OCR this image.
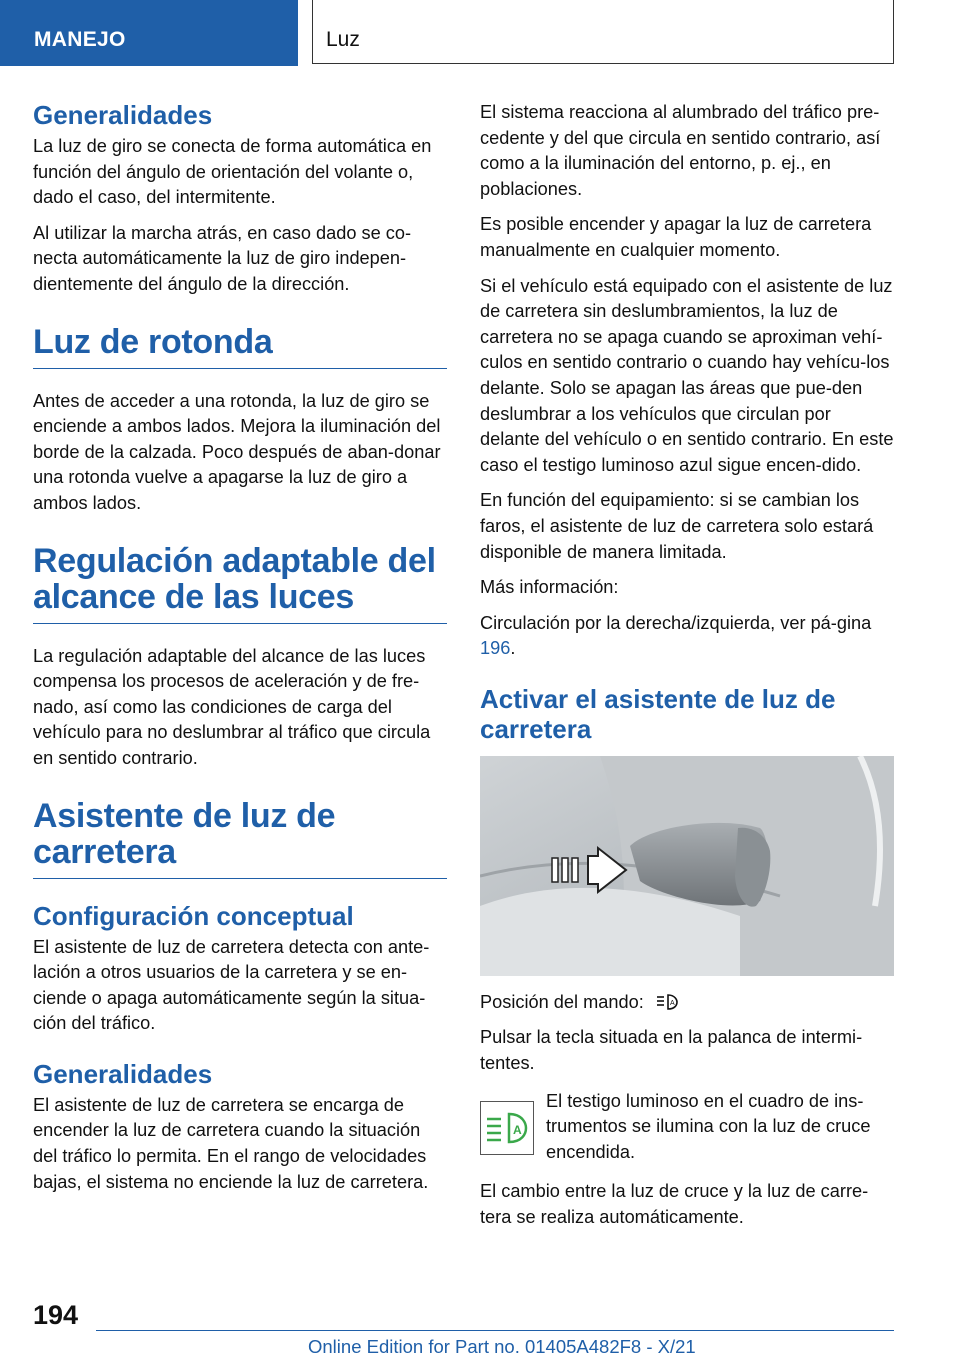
MANEJO	Luz
Generalidades

La luz de giro se conecta de forma automática en función del ángulo de orientación del volante o, dado el caso, del intermitente.

Al utilizar la marcha atrás, en caso dado se co‐necta automáticamente la luz de giro indepen‐dientemente del ángulo de la dirección.

Luz de rotonda

Antes de acceder a una rotonda, la luz de giro se enciende a ambos lados. Mejora la iluminación del borde de la calzada. Poco después de aban‐donar una rotonda vuelve a apagarse la luz de giro a ambos lados.

Regulación adaptable del alcance de las luces

La regulación adaptable del alcance de las luces compensa los procesos de aceleración y de fre‐nado, así como las condiciones de carga del vehículo para no deslumbrar al tráfico que circula en sentido contrario.

Asistente de luz de carretera
Configuración conceptual

El asistente de luz de carretera detecta con ante‐lación a otros usuarios de la carretera y se en‐ciende o apaga automáticamente según la situa‐ción del tráfico.

Generalidades

El asistente de luz de carretera se encarga de encender la luz de carretera cuando la situación del tráfico lo permita. En el rango de velocidades bajas, el sistema no enciende la luz de carretera.

El sistema reacciona al alumbrado del tráfico pre‐cedente y del que circula en sentido contrario, así como a la iluminación del entorno, p. ej., en poblaciones.

Es posible encender y apagar la luz de carretera manualmente en cualquier momento.

Si el vehículo está equipado con el asistente de luz de carretera sin deslumbramientos, la luz de carretera no se apaga cuando se aproximan vehí‐culos en sentido contrario o cuando hay vehícu‐los delante. Solo se apagan las áreas que pue‐den deslumbrar a los vehículos que circulan por delante del vehículo o en sentido contrario. En este caso el testigo luminoso azul sigue encen‐dido.

En función del equipamiento: si se cambian los faros, el asistente de luz de carretera solo estará disponible de manera limitada.

Más información:

Circulación por la derecha/izquierda, ver pá‐gina 196.

Activar el asistente de luz de carretera

Posición del mando:	A

Pulsar la tecla situada en la palanca de intermi‐tentes.

A

El testigo luminoso en el cuadro de ins‐trumentos se ilumina con la luz de cruce encendida.

El cambio entre la luz de cruce y la luz de carre‐tera se realiza automáticamente.

194
Online Edition for Part no. 01405A482F8 - X/21
